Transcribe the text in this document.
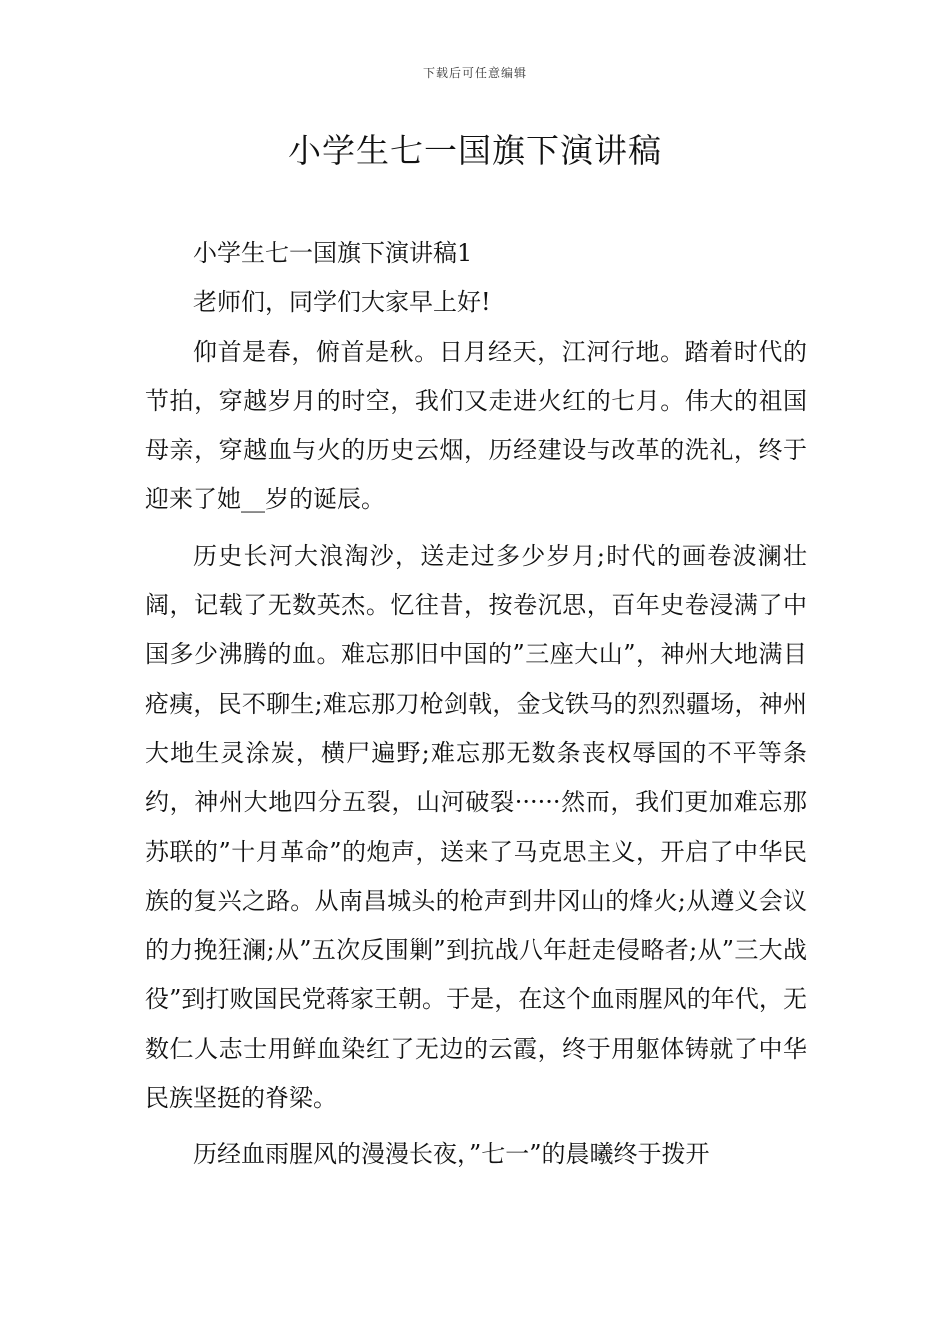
下载后可任意编辑
小学生七一国旗下演讲稿

小学生七一国旗下演讲稿1

老师们，同学们大家早上好!

仰首是春，俯首是秋。日月经天，江河行地。踏着时代的节拍，穿越岁月的时空，我们又走进火红的七月。伟大的祖国母亲，穿越血与火的历史云烟，历经建设与改革的洗礼，终于迎来了她__岁的诞辰。

历史长河大浪淘沙，送走过多少岁月;时代的画卷波澜壮阔，记载了无数英杰。忆往昔，按卷沉思，百年史卷浸满了中国多少沸腾的血。难忘那旧中国的”三座大山”，神州大地满目疮痍，民不聊生;难忘那刀枪剑戟，金戈铁马的烈烈疆场，神州大地生灵涂炭，横尸遍野;难忘那无数条丧权辱国的不平等条约，神州大地四分五裂，山河破裂······然而，我们更加难忘那苏联的”十月革命”的炮声，送来了马克思主义，开启了中华民族的复兴之路。从南昌城头的枪声到井冈山的烽火;从遵义会议的力挽狂澜;从”五次反围剿”到抗战八年赶走侵略者;从”三大战役”到打败国民党蒋家王朝。于是，在这个血雨腥风的年代，无数仁人志士用鲜血染红了无边的云霞，终于用躯体铸就了中华民族坚挺的脊梁。

历经血雨腥风的漫漫长夜，”七一”的晨曦终于拨开
